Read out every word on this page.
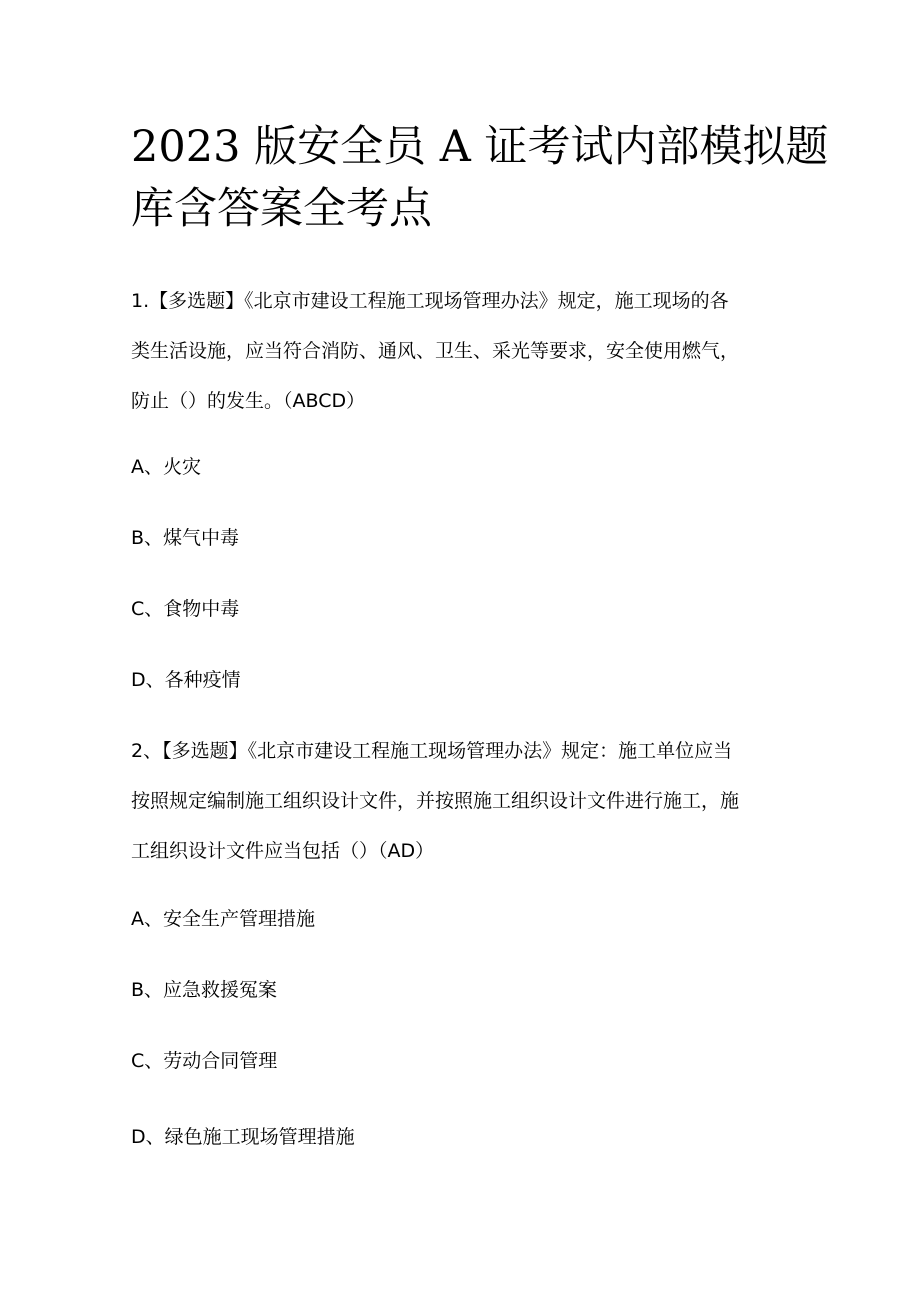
2023 版安全员 A 证考试内部模拟题
库含答案全考点
1.【多选题】《北京市建设工程施工现场管理办法》规定，施工现场的各
类生活设施，应当符合消防、通风、卫生、采光等要求，安全使用燃气，
防止（）的发生。（ABCD）

A、火灾

B、煤气中毒

C、食物中毒

D、各种疫情

2、【多选题】《北京市建设工程施工现场管理办法》规定：施工单位应当
按照规定编制施工组织设计文件，并按照施工组织设计文件进行施工，施
工组织设计文件应当包括（）（AD）

A、安全生产管理措施

B、应急救援冤案

C、劳动合同管理

D、绿色施工现场管理措施
